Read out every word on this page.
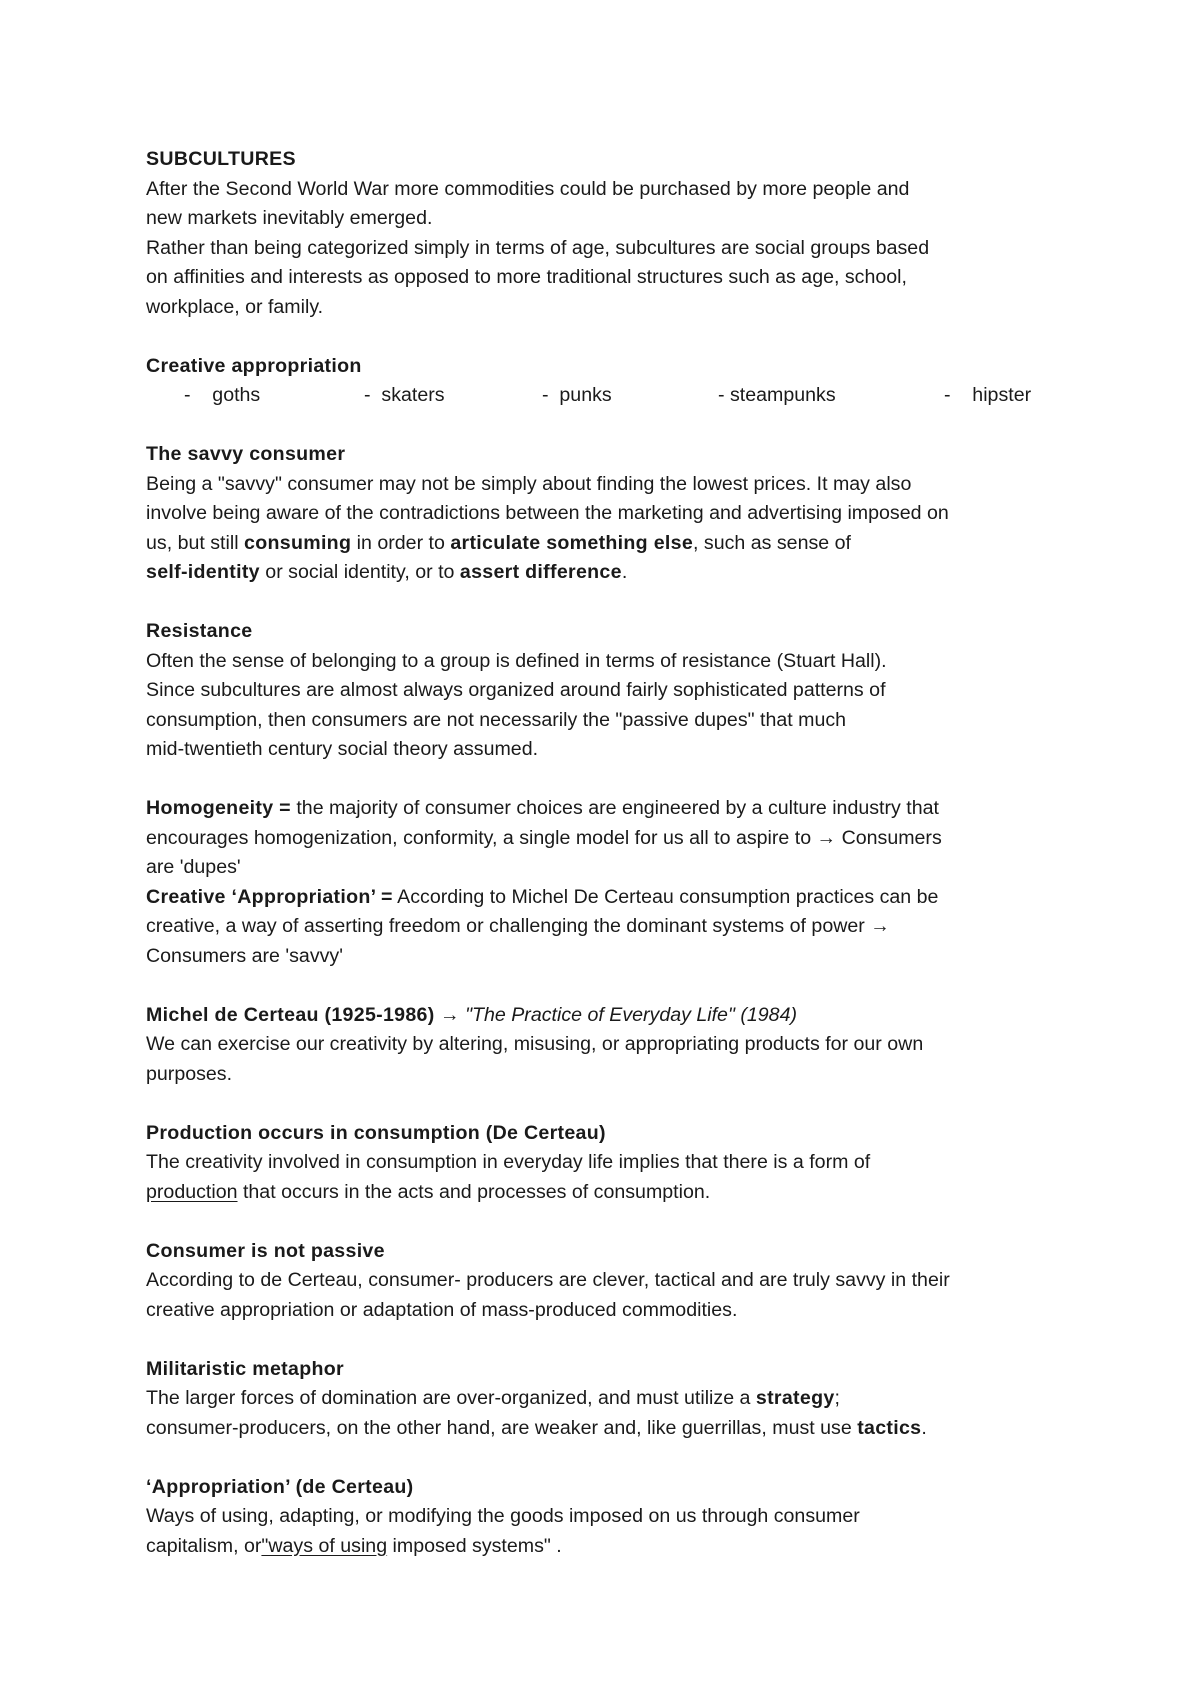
SUBCULTURES

After the Second World War more commodities could be purchased by more people and

new markets inevitably emerged.

Rather than being categorized simply in terms of age, subcultures are social groups based

on affinities and interests as opposed to more traditional structures such as age, school,

workplace, or family.

Creative appropriation

-    goths	-  skaters	-  punks	- steampunks	-    hipster

The savvy consumer

Being a "savvy" consumer may not be simply about finding the lowest prices. It may also

involve being aware of the contradictions between the marketing and advertising imposed on

us, but still consuming in order to articulate something else, such as sense of

self-identity or social identity, or to assert difference.

Resistance

Often the sense of belonging to a group is defined in terms of resistance (Stuart Hall).

Since subcultures are almost always organized around fairly sophisticated patterns of

consumption, then consumers are not necessarily the "passive dupes" that much

mid-twentieth century social theory assumed.

Homogeneity = the majority of consumer choices are engineered by a culture industry that

encourages homogenization, conformity, a single model for us all to aspire to → Consumers

are 'dupes'

Creative ‘Appropriation’ = According to Michel De Certeau consumption practices can be

creative, a way of asserting freedom or challenging the dominant systems of power →

Consumers are 'savvy'

Michel de Certeau (1925-1986) → "The Practice of Everyday Life" (1984)

We can exercise our creativity by altering, misusing, or appropriating products for our own

purposes.

Production occurs in consumption (De Certeau)

The creativity involved in consumption in everyday life implies that there is a form of

production that occurs in the acts and processes of consumption.

Consumer is not passive

According to de Certeau, consumer- producers are clever, tactical and are truly savvy in their

creative appropriation or adaptation of mass-produced commodities.

Militaristic metaphor

The larger forces of domination are over-organized, and must utilize a strategy;

consumer-producers, on the other hand, are weaker and, like guerrillas, must use tactics.

‘Appropriation’ (de Certeau)

Ways of using, adapting, or modifying the goods imposed on us through consumer

capitalism, or"ways of using imposed systems" .
